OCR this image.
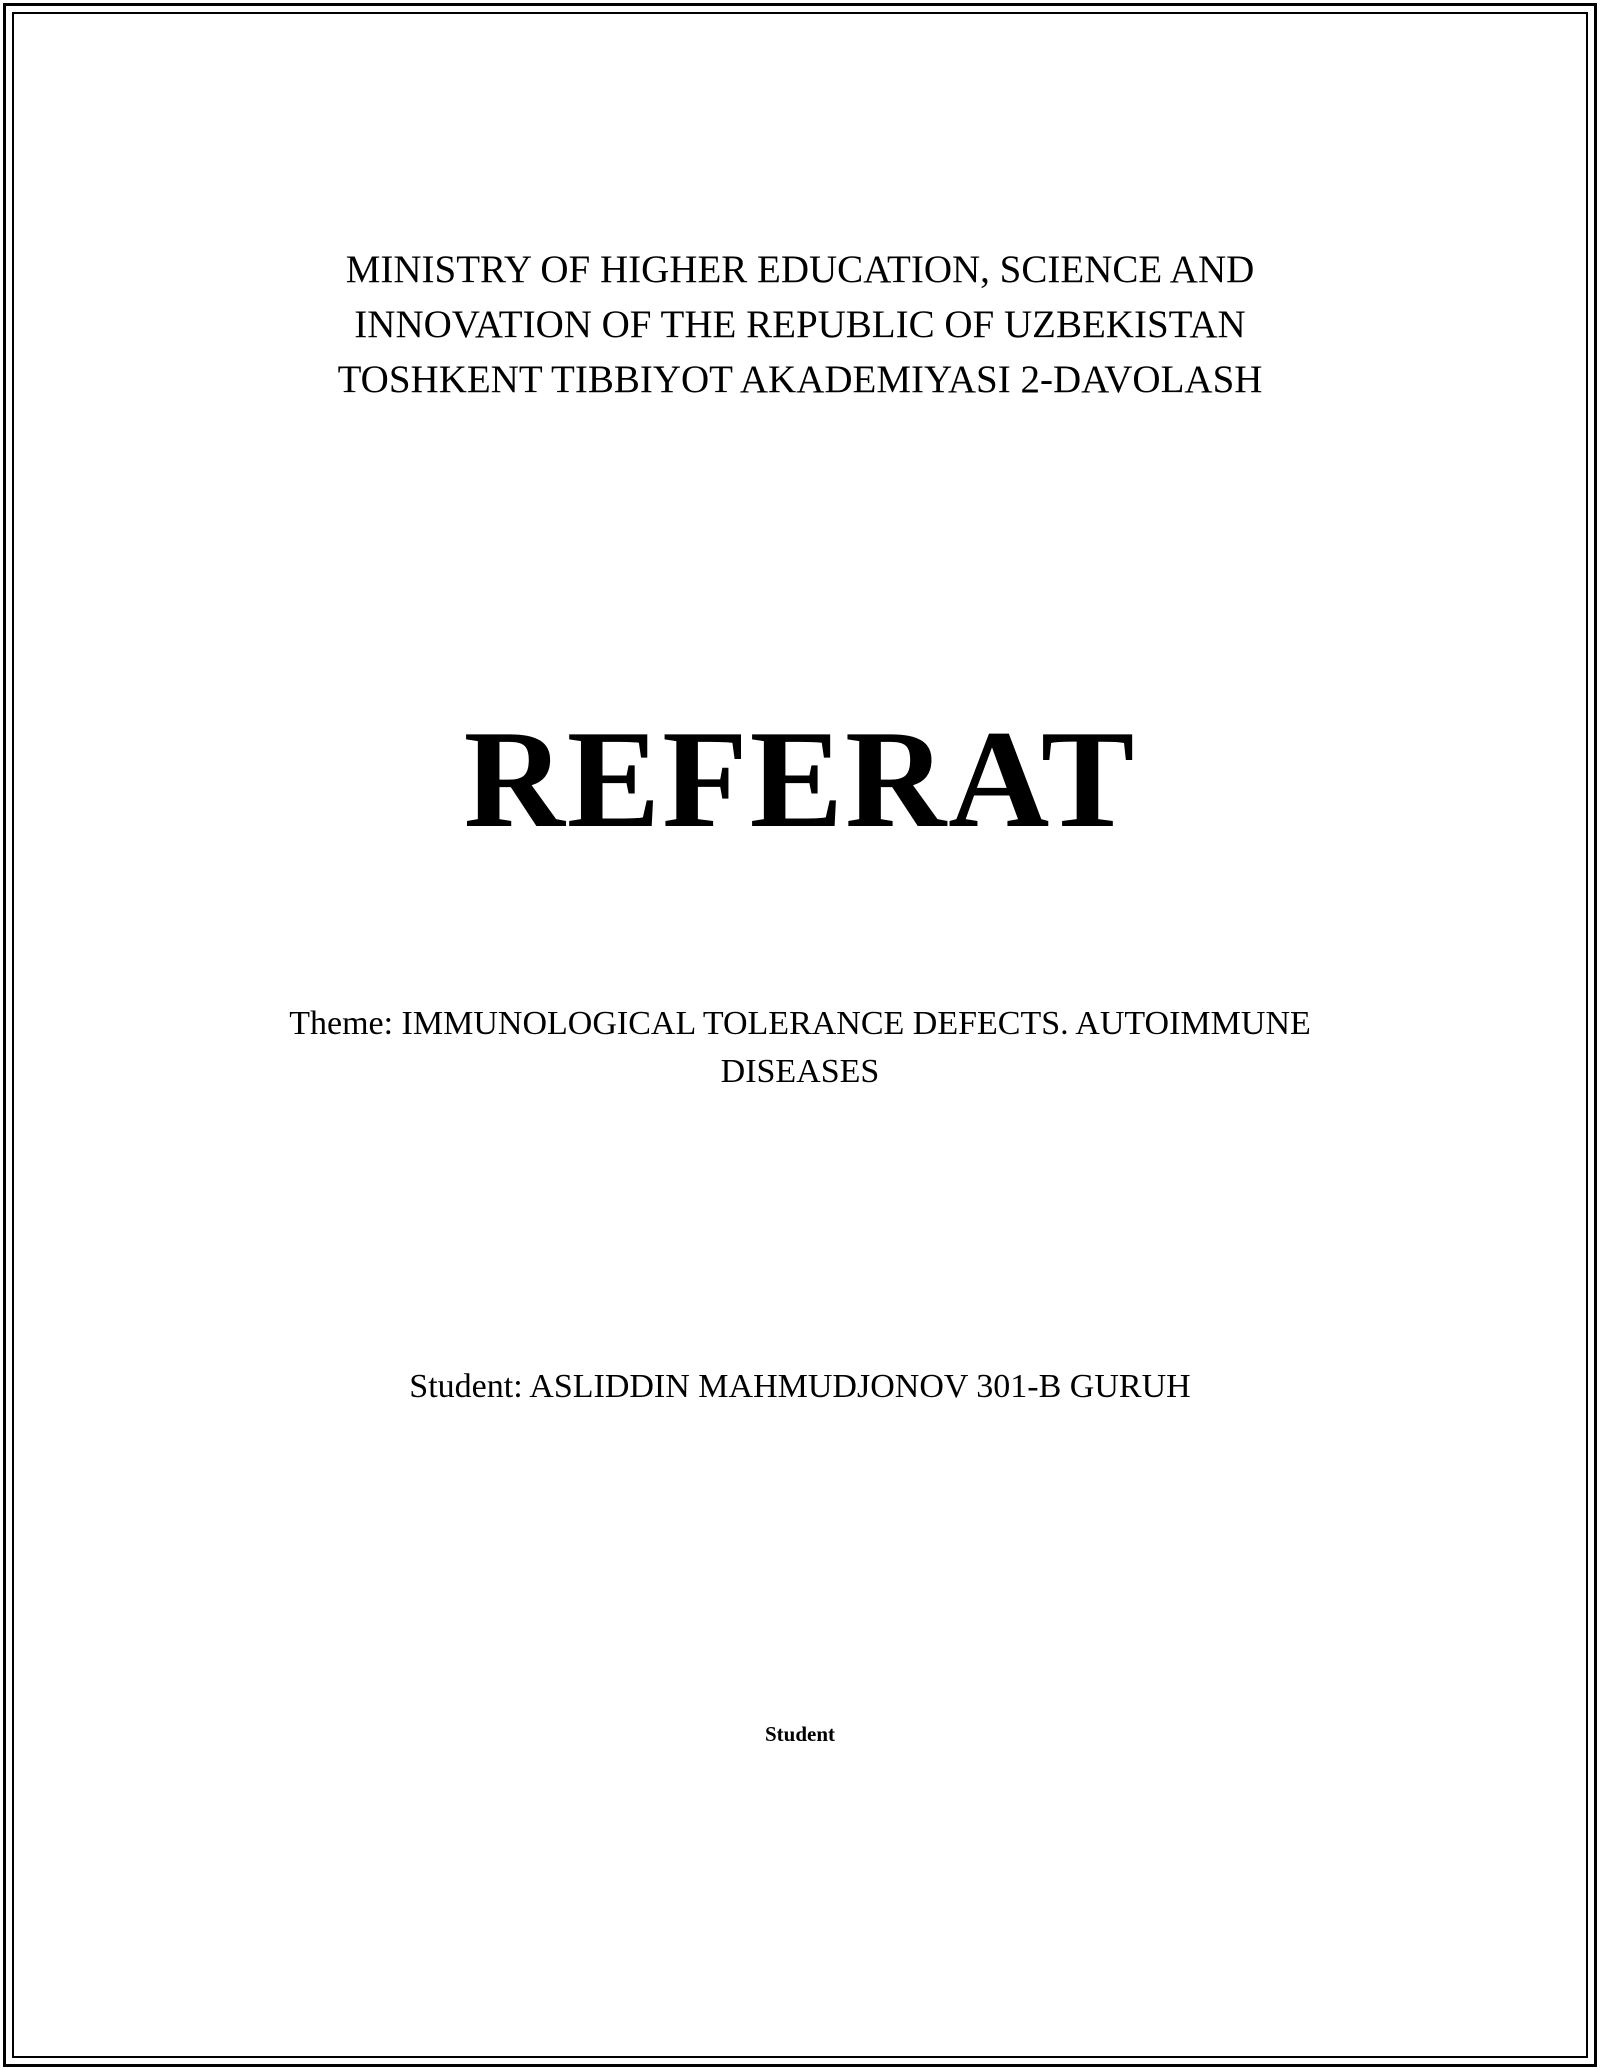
MINISTRY OF HIGHER EDUCATION, SCIENCE AND
INNOVATION OF THE REPUBLIC OF UZBEKISTAN
TOSHKENT TIBBIYOT AKADEMIYASI 2-DAVOLASH
REFERAT
Theme: IMMUNOLOGICAL TOLERANCE DEFECTS. AUTOIMMUNE DISEASES
Student: ASLIDDIN MAHMUDJONOV 301-B GURUH
Student
